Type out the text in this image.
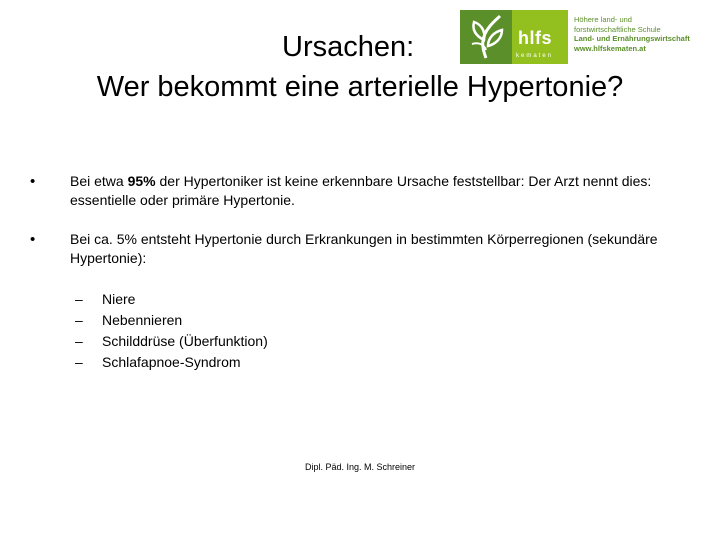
Ursachen:
Wer bekommt eine arterielle Hypertonie?
hlfs
kematen
Höhere land- und
forstwirtschaftliche Schule
Land- und Ernährungswirtschaft
www.hlfskematen.at
• Bei etwa 95% der Hypertoniker ist keine erkennbare Ursache feststellbar: Der Arzt nennt dies: essentielle oder primäre Hypertonie.
• Bei ca. 5% entsteht Hypertonie durch Erkrankungen in bestimmten Körperregionen (sekundäre Hypertonie):
– Niere
– Nebennieren
– Schilddrüse (Überfunktion)
– Schlafapnoe-Syndrom
Dipl. Päd. Ing. M. Schreiner
